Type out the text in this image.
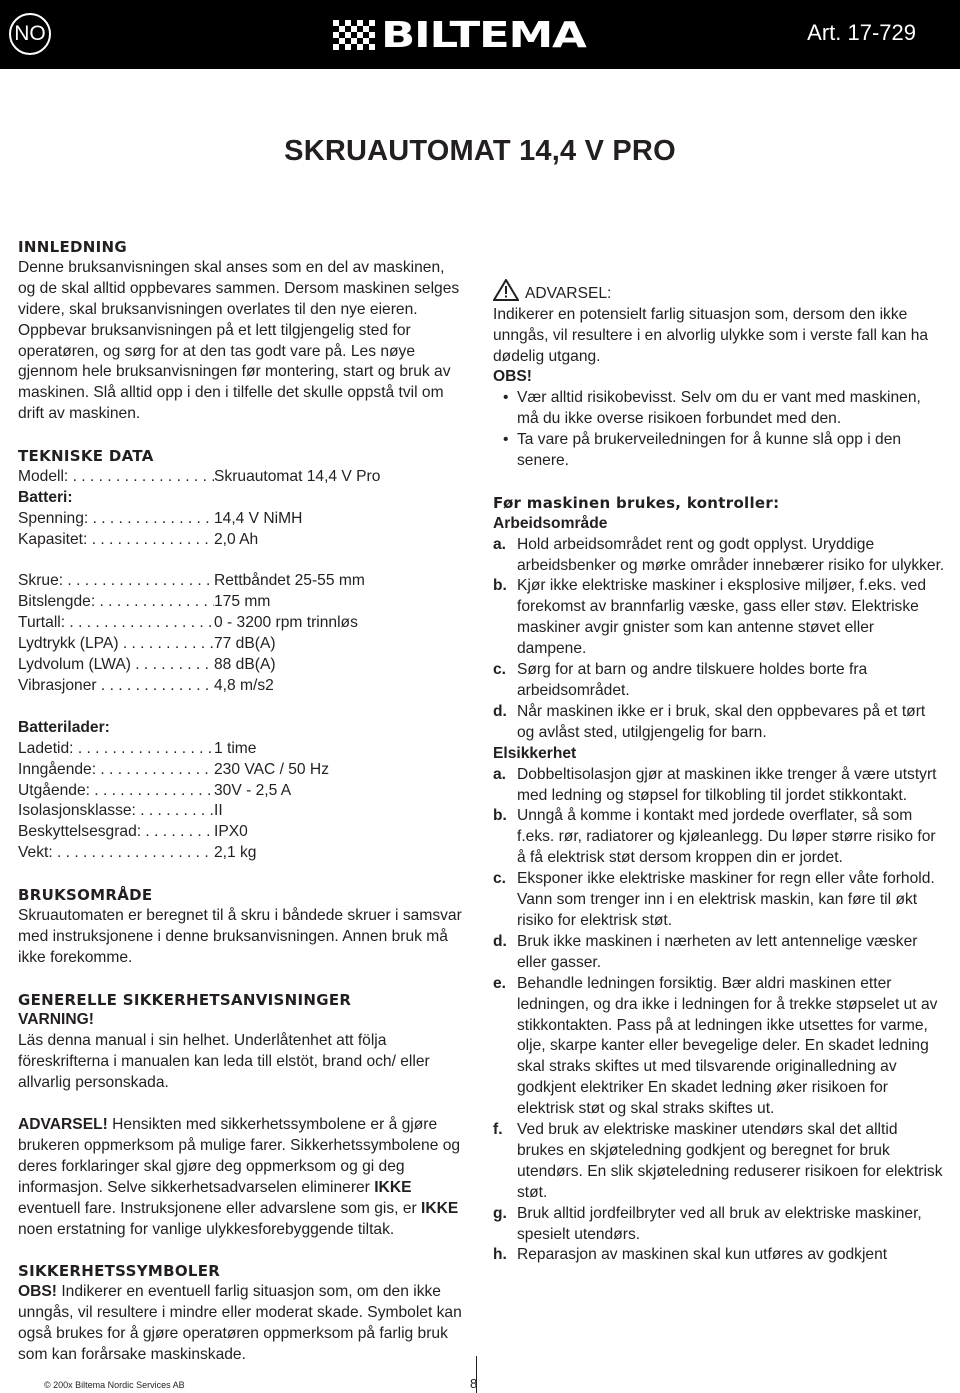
NO	BILTEMA	Art. 17-729
SKRUAUTOMAT 14,4 V PRO

INNLEDNING

Denne bruksanvisningen skal anses som en del av maskinen, og de skal alltid oppbevares sammen. Dersom maskinen selges videre, skal bruksanvisningen overlates til den nye eieren. Oppbevar bruksanvisningen på et lett tilgjengelig sted for operatøren, og sørg for at den tas godt vare på. Les nøye gjennom hele bruksanvisningen før montering, start og bruk av maskinen. Slå alltid opp i den i tilfelle det skulle oppstå tvil om drift av maskinen.

TEKNISKE DATA

Modell: . . .	Skruautomat 14,4 V Pro

Batteri:

Spenning: . . .	14,4 V NiMH
Kapasitet: . . .	2,0 Ah
Skrue: . . .	Rettbåndet 25-55 mm
Bitslengde: . . .	175 mm
Turtall: . . .	0 - 3200 rpm trinnløs
Lydtrykk (LPA) . . .	77 dB(A)
Lydvolum (LWA) . . .	88 dB(A)
Vibrasjoner . . .	4,8 m/s2

Batterilader:

Ladetid: . . .	1 time
Inngående: . . .	230 VAC / 50 Hz
Utgående: . . .	30V - 2,5 A
Isolasjonsklasse: . . .	II
Beskyttelsesgrad: . . .	IPX0
Vekt: . . .	2,1 kg

BRUKSOMRÅDE

Skruautomaten er beregnet til å skru i båndede skruer i samsvar med instruksjonene i denne bruksanvisningen. Annen bruk må ikke forekomme.

GENERELLE SIKKERHETSANVISNINGER

VARNING!

Läs denna manual i sin helhet. Underlåtenhet att följa föreskrifterna i manualen kan leda till elstöt, brand och/ eller allvarlig personskada.

ADVARSEL! Hensikten med sikkerhetssymbolene er å gjøre brukeren oppmerksom på mulige farer. Sikkerhetssymbolene og deres forklaringer skal gjøre deg oppmerksom og gi deg informasjon. Selve sikkerhetsadvarselen eliminerer IKKE eventuell fare. Instruksjonene eller advarslene som gis, er IKKE noen erstatning for vanlige ulykkesforebyggende tiltak.

SIKKERHETSSYMBOLER

OBS! Indikerer en eventuell farlig situasjon som, om den ikke unngås, vil resultere i mindre eller moderat skade. Symbolet kan også brukes for å gjøre operatøren oppmerksom på farlig bruk som kan forårsake maskinskade.

ADVARSEL:

Indikerer en potensielt farlig situasjon som, dersom den ikke unngås, vil resultere i en alvorlig ulykke som i verste fall kan ha dødelig utgang.

OBS!

• Vær alltid risikobevisst. Selv om du er vant med maskinen, må du ikke overse risikoen forbundet med den.
• Ta vare på brukerveiledningen for å kunne slå opp i den senere.

Før maskinen brukes, kontroller:

Arbeidsområde

a. Hold arbeidsområdet rent og godt opplyst. Uryddige arbeidsbenker og mørke områder innebærer risiko for ulykker.
b. Kjør ikke elektriske maskiner i eksplosive miljøer, f.eks. ved forekomst av brannfarlig væske, gass eller støv. Elektriske maskiner avgir gnister som kan antenne støvet eller dampene.
c. Sørg for at barn og andre tilskuere holdes borte fra arbeidsområdet.
d. Når maskinen ikke er i bruk, skal den oppbevares på et tørt og avlåst sted, utilgjengelig for barn.

Elsikkerhet

a. Dobbeltisolasjon gjør at maskinen ikke trenger å være utstyrt med ledning og støpsel for tilkobling til jordet stikkontakt.
b. Unngå å komme i kontakt med jordede overflater, så som f.eks. rør, radiatorer og kjøleanlegg. Du løper større risiko for å få elektrisk støt dersom kroppen din er jordet.
c. Eksponer ikke elektriske maskiner for regn eller våte forhold. Vann som trenger inn i en elektrisk maskin, kan føre til økt risiko for elektrisk støt.
d. Bruk ikke maskinen i nærheten av lett antennelige væsker eller gasser.
e. Behandle ledningen forsiktig. Bær aldri maskinen etter ledningen, og dra ikke i ledningen for å trekke støpselet ut av stikkontakten. Pass på at ledningen ikke utsettes for varme, olje, skarpe kanter eller bevegelige deler. En skadet ledning skal straks skiftes ut med tilsvarende originalledning av godkjent elektriker En skadet ledning øker risikoen for elektrisk støt og skal straks skiftes ut.
f. Ved bruk av elektriske maskiner utendørs skal det alltid brukes en skjøteledning godkjent og beregnet for bruk utendørs. En slik skjøteledning reduserer risikoen for elektrisk støt.
g. Bruk alltid jordfeilbryter ved all bruk av elektriske maskiner, spesielt utendørs.
h. Reparasjon av maskinen skal kun utføres av godkjent
© 200x Biltema Nordic Services AB	8
